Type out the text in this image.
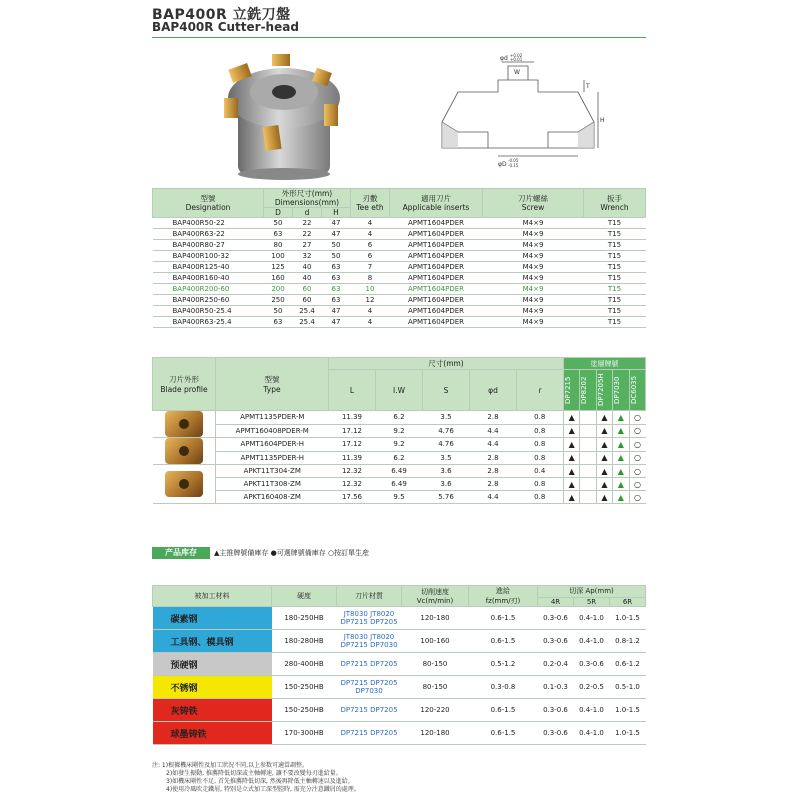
BAP400R 立銑刀盤
BAP400R Cutter-head
φd +0.02
+0.01
W
T
H
φD
-0.05
-0.15
型號
Designation	外形尺寸(mm)
Dimensions(mm)			刃數
Tee eth	適用刀片
Applicable inserts	刀片螺絲
Screw	扳手
Wrench
	D	d	H				
BAP400R50-22	50	22	47	4	APMT1604PDER	M4×9	T15
BAP400R63-22	63	22	47	4	APMT1604PDER	M4×9	T15
BAP400R80-27	80	27	50	6	APMT1604PDER	M4×9	T15
BAP400R100-32	100	32	50	6	APMT1604PDER	M4×9	T15
BAP400R125-40	125	40	63	7	APMT1604PDER	M4×9	T15
BAP400R160-40	160	40	63	8	APMT1604PDER	M4×9	T15
BAP400R200-60	200	60	63	10	APMT1604PDER	M4×9	T15
BAP400R250-60	250	60	63	12	APMT1604PDER	M4×9	T15
BAP400R50-25.4	50	25.4	47	4	APMT1604PDER	M4×9	T15
BAP400R63-25.4	63	25.4	47	4	APMT1604PDER	M4×9	T15
刀片外形
Blade profile	型號
Type	尺寸(mm)					塗層牌號				
		L	I.W	S	φd	r	DP7215	DP8202	DP7205H	DP7030	DC6035

	APMT1135PDER-M	11.39	6.2	3.5	2.8	0.8	▲		▲	▲	○
	APMT160408PDER-M	17.12	9.2	4.76	4.4	0.8	▲		▲	▲	○

	APMT1604PDER-H	17.12	9.2	4.76	4.4	0.8	▲		▲	▲	○
	APMT1135PDER-H	11.39	6.2	3.5	2.8	0.8	▲		▲	▲	○

	APKT11T304-ZM	12.32	6.49	3.6	2.8	0.4	▲		▲	▲	○
	APKT11T308-ZM	12.32	6.49	3.6	2.8	0.8	▲		▲	▲	○
	APKT160408-ZM	17.56	9.5	5.76	4.4	0.8	▲		▲	▲	○
产品库存	▲主推牌號備庫存 ●可選牌號備庫存 ○按訂單生産
被加工材料	硬度	刀片材質	切削速度
Vc(m/min)	進給
fz(mm/刃)	切深 Ap(mm)		
					4R	5R	6R
碳素钢	180-250HB	JT8030 JT8020
DP7215 DP7205	120-180	0.6-1.5	0.3-0.6	0.4-1.0	1.0-1.5
工具钢、模具钢	180-280HB	JT8030 JT8020
DP7215 DP7030	100-160	0.6-1.5	0.3-0.6	0.4-1.0	0.8-1.2
预硬钢	280-400HB	DP7215 DP7205	80-150	0.5-1.2	0.2-0.4	0.3-0.6	0.6-1.2
不锈钢	150-250HB	DP7215 DP7205
DP7030	80-150	0.3-0.8	0.1-0.3	0.2-0.5	0.5-1.0
灰铸铁	150-250HB	DP7215 DP7205	120-220	0.6-1.5	0.3-0.6	0.4-1.0	1.0-1.5
球墨铸铁	170-300HB	DP7215 DP7205	120-180	0.6-1.5	0.3-0.6	0.4-1.0	1.0-1.5
注: 1)根據機床剛性及加工狀況不同,以上参数可適當調整。
2)如發生振動, 推薦降低切深或主軸轉速, 讓不要改變每刃進給量。
3)如機床剛性不足, 首先推薦降低切深, 然後再降低主軸轉速以及進給。
4)使用冷風吹走鐵屑, 特别是立式加工深型腔時, 需充分注意鐵屑的處理。
